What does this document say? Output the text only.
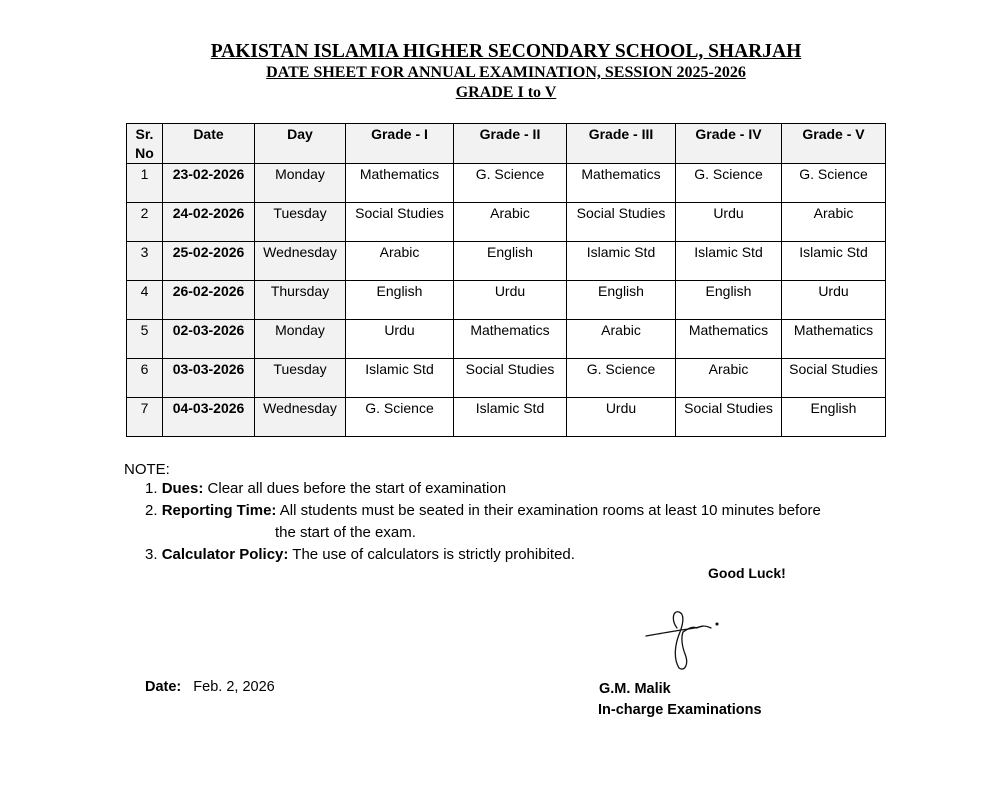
PAKISTAN ISLAMIA HIGHER SECONDARY SCHOOL, SHARJAH
DATE SHEET FOR ANNUAL EXAMINATION, SESSION 2025-2026
GRADE I to V
Sr. No	Date	Day	Grade - I	Grade - II	Grade - III	Grade - IV	Grade - V
1	23-02-2026	Monday	Mathematics	G. Science	Mathematics	G. Science	G. Science
2	24-02-2026	Tuesday	Social Studies	Arabic	Social Studies	Urdu	Arabic
3	25-02-2026	Wednesday	Arabic	English	Islamic Std	Islamic Std	Islamic Std
4	26-02-2026	Thursday	English	Urdu	English	English	Urdu
5	02-03-2026	Monday	Urdu	Mathematics	Arabic	Mathematics	Mathematics
6	03-03-2026	Tuesday	Islamic Std	Social Studies	G. Science	Arabic	Social Studies
7	04-03-2026	Wednesday	G. Science	Islamic Std	Urdu	Social Studies	English
NOTE:
1. Dues: Clear all dues before the start of examination
2. Reporting Time: All students must be seated in their examination rooms at least 10 minutes before
the start of the exam.
3. Calculator Policy: The use of calculators is strictly prohibited.
Good Luck!
Date: Feb. 2, 2026	G.M. Malik
In-charge Examinations
